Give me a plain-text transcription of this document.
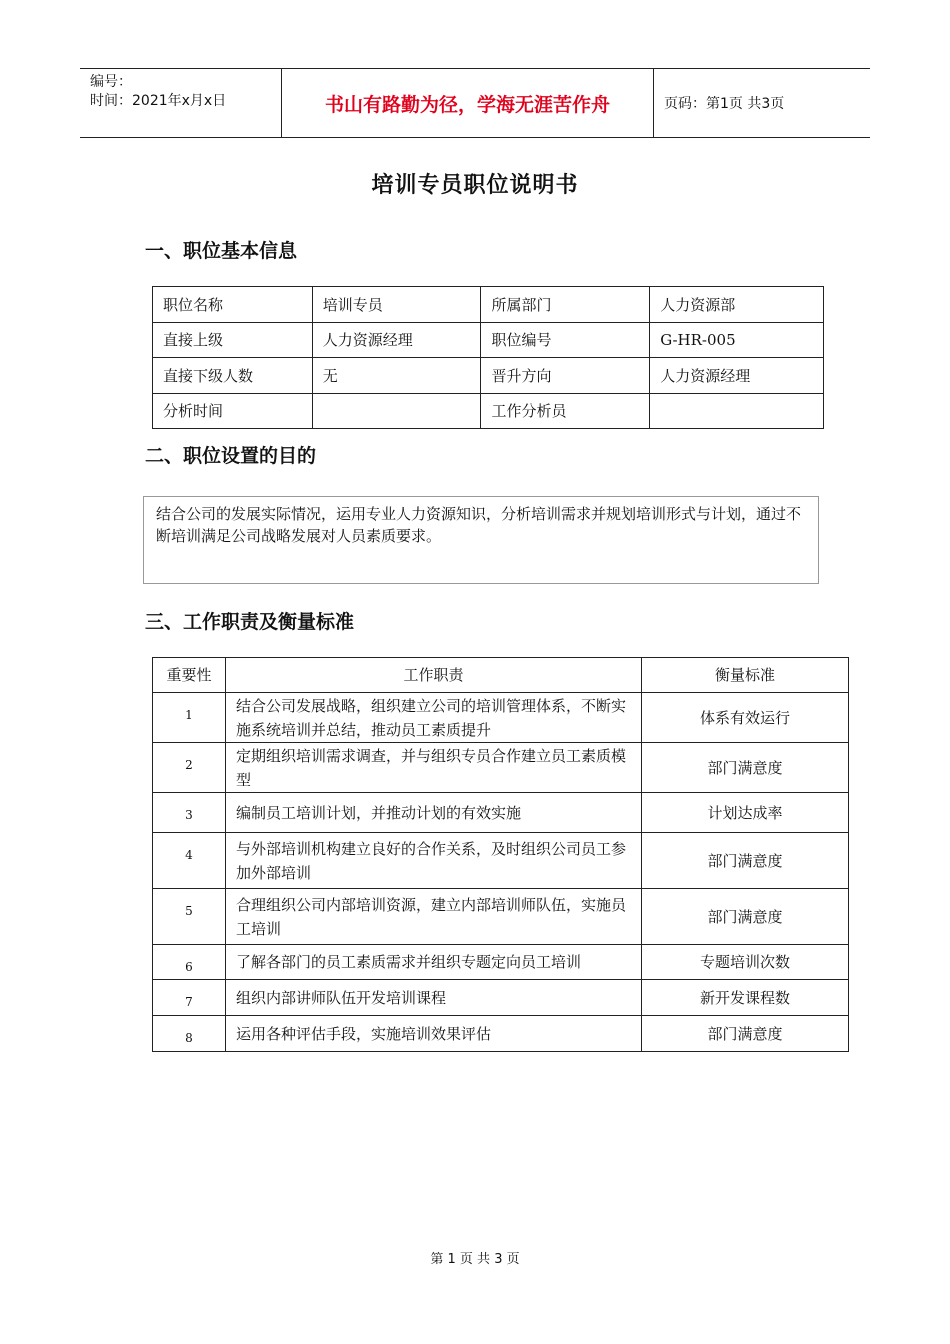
编号：
时间：2021年x月x日	书山有路勤为径，学海无涯苦作舟	页码：第1页 共3页
培训专员职位说明书
一、职位基本信息
职位名称	培训专员	所属部门	人力资源部
直接上级	人力资源经理	职位编号	G-HR-005
直接下级人数	无	晋升方向	人力资源经理
分析时间		工作分析员	
二、职位设置的目的
结合公司的发展实际情况，运用专业人力资源知识，分析培训需求并规划培训形式与计划，通过不断培训满足公司战略发展对人员素质要求。
三、工作职责及衡量标准
重要性	工作职责	衡量标准
1	结合公司发展战略，组织建立公司的培训管理体系，不断实施系统培训并总结，推动员工素质提升	体系有效运行
2	定期组织培训需求调查，并与组织专员合作建立员工素质模型	部门满意度
3	编制员工培训计划，并推动计划的有效实施	计划达成率
4	与外部培训机构建立良好的合作关系，及时组织公司员工参加外部培训	部门满意度
5	合理组织公司内部培训资源，建立内部培训师队伍，实施员工培训	部门满意度
6	了解各部门的员工素质需求并组织专题定向员工培训	专题培训次数
7	组织内部讲师队伍开发培训课程	新开发课程数
8	运用各种评估手段，实施培训效果评估	部门满意度
第 1 页 共 3 页
